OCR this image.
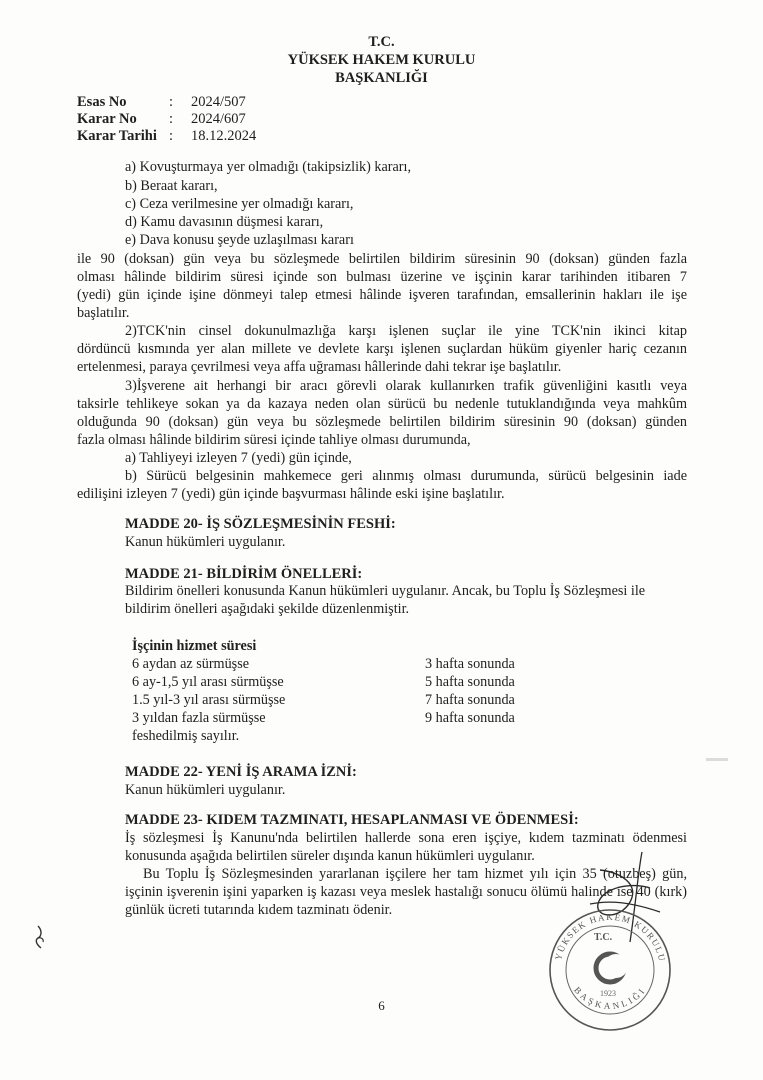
T.C.
YÜKSEK HAKEM KURULU
BAŞKANLIĞI
Esas No	: 2024/507
Karar No : 2024/607
Karar Tarihi : 18.12.2024
a) Kovuşturmaya yer olmadığı (takipsizlik) kararı,
b) Beraat kararı,
c) Ceza verilmesine yer olmadığı kararı,
d) Kamu davasının düşmesi kararı,
e) Dava konusu şeyde uzlaşılması kararı
ile 90 (doksan) gün veya bu sözleşmede belirtilen bildirim süresinin 90 (doksan) günden fazla
olması hâlinde bildirim süresi içinde son bulması üzerine ve işçinin karar tarihinden itibaren 7
(yedi) gün içinde işine dönmeyi talep etmesi hâlinde işveren tarafından, emsallerinin hakları ile işe
başlatılır.
2)TCK'nin cinsel dokunulmazlığa karşı işlenen suçlar ile yine TCK'nin ikinci kitap
dördüncü kısmında yer alan millete ve devlete karşı işlenen suçlardan hüküm giyenler hariç cezanın
ertelenmesi, paraya çevrilmesi veya affa uğraması hâllerinde dahi tekrar işe başlatılır.
3)İşverene ait herhangi bir aracı görevli olarak kullanırken trafik güvenliğini kasıtlı veya
taksirle tehlikeye sokan ya da kazaya neden olan sürücü bu nedenle tutuklandığında veya mahkûm
olduğunda 90 (doksan) gün veya bu sözleşmede belirtilen bildirim süresinin 90 (doksan) günden
fazla olması hâlinde bildirim süresi içinde tahliye olması durumunda,
a) Tahliyeyi izleyen 7 (yedi) gün içinde,
b) Sürücü belgesinin mahkemece geri alınmış olması durumunda, sürücü belgesinin iade
edilişini izleyen 7 (yedi) gün içinde başvurması hâlinde eski işine başlatılır.
MADDE 20- İŞ SÖZLEŞMESİNİN FESHİ:
Kanun hükümleri uygulanır.
MADDE 21- BİLDİRİM ÖNELLERİ:
Bildirim önelleri konusunda Kanun hükümleri uygulanır. Ancak, bu Toplu İş Sözleşmesi ile
bildirim önelleri aşağıdaki şekilde düzenlenmiştir.
İşçinin hizmet süresi
6 aydan az sürmüşse	3 hafta sonunda
6 ay-1,5 yıl arası sürmüşse	5 hafta sonunda
1.5 yıl-3 yıl arası sürmüşse	7 hafta sonunda
3 yıldan fazla sürmüşse	9 hafta sonunda
feshedilmiş sayılır.
MADDE 22- YENİ İŞ ARAMA İZNİ:
Kanun hükümleri uygulanır.
MADDE 23- KIDEM TAZMINATI, HESAPLANMASI VE ÖDENMESİ:
İş sözleşmesi İş Kanunu'nda belirtilen hallerde sona eren işçiye, kıdem tazminatı ödenmesi
konusunda aşağıda belirtilen süreler dışında kanun hükümleri uygulanır.
Bu Toplu İş Sözleşmesinden yararlanan işçilere her tam hizmet yılı için 35 (otuzbeş) gün,
işçinin işverenin işini yaparken iş kazası veya meslek hastalığı sonucu ölümü halinde ise 40 (kırk)
günlük ücreti tutarında kıdem tazminatı ödenir.
YÜKSEK HAKEM KURULU
BAŞKANLIĞI
T.C.
1923
6
